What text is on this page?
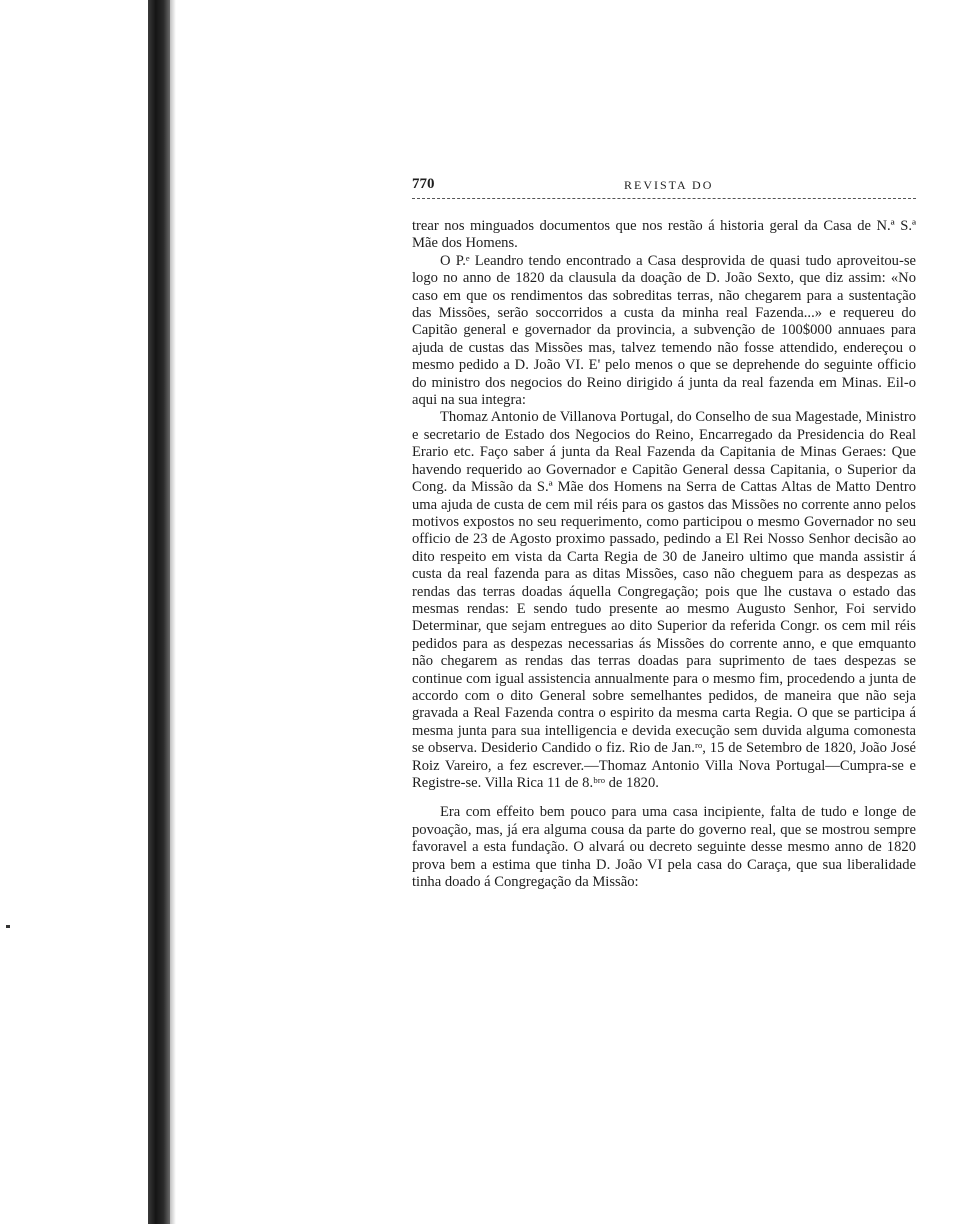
770	REVISTA DO

trear nos minguados documentos que nos restão á historia geral da Casa de N.ª S.ª Mãe dos Homens.

O P.ᵉ Leandro tendo encontrado a Casa desprovida de quasi tudo aproveitou-se logo no anno de 1820 da clausula da doação de D. João Sexto, que diz assim: «No caso em que os rendimentos das sobreditas terras, não chegarem para a sustentação das Missões, serão soccorridos a custa da minha real Fazenda...» e requereu do Capitão general e governador da provincia, a subvenção de 100$000 annuaes para ajuda de custas das Missões mas, talvez temendo não fosse attendido, endereçou o mesmo pedido a D. João VI. E' pelo menos o que se deprehende do seguinte officio do ministro dos negocios do Reino dirigido á junta da real fazenda em Minas. Eil-o aqui na sua integra:

Thomaz Antonio de Villanova Portugal, do Conselho de sua Magestade, Ministro e secretario de Estado dos Negocios do Reino, Encarregado da Presidencia do Real Erario etc. Faço saber á junta da Real Fazenda da Capitania de Minas Geraes: Que havendo requerido ao Governador e Capitão General dessa Capitania, o Superior da Cong. da Missão da S.ª Mãe dos Homens na Serra de Cattas Altas de Matto Dentro uma ajuda de custa de cem mil réis para os gastos das Missões no corrente anno pelos motivos expostos no seu requerimento, como participou o mesmo Governador no seu officio de 23 de Agosto proximo passado, pedindo a El Rei Nosso Senhor decisão ao dito respeito em vista da Carta Regia de 30 de Janeiro ultimo que manda assistir á custa da real fazenda para as ditas Missões, caso não cheguem para as despezas as rendas das terras doadas áquella Congregação; pois que lhe custava o estado das mesmas rendas: E sendo tudo presente ao mesmo Augusto Senhor, Foi servido Determinar, que sejam entregues ao dito Superior da referida Congr. os cem mil réis pedidos para as despezas necessarias ás Missões do corrente anno, e que emquanto não chegarem as rendas das terras doadas para suprimento de taes despezas se continue com igual assistencia annualmente para o mesmo fim, procedendo a junta de accordo com o dito General sobre semelhantes pedidos, de maneira que não seja gravada a Real Fazenda contra o espirito da mesma carta Regia. O que se participa á mesma junta para sua intelligencia e devida execução sem duvida alguma comonesta se observa. Desiderio Candido o fiz. Rio de Jan.ʳᵒ, 15 de Setembro de 1820, João José Roiz Vareiro, a fez escrever.—Thomaz Antonio Villa Nova Portugal—Cumpra-se e Registre-se. Villa Rica 11 de 8.ᵇʳᵒ de 1820.

Era com effeito bem pouco para uma casa incipiente, falta de tudo e longe de povoação, mas, já era alguma cousa da parte do governo real, que se mostrou sempre favoravel a esta fundação. O alvará ou decreto seguinte desse mesmo anno de 1820 prova bem a estima que tinha D. João VI pela casa do Caraça, que sua liberalidade tinha doado á Congregação da Missão:
